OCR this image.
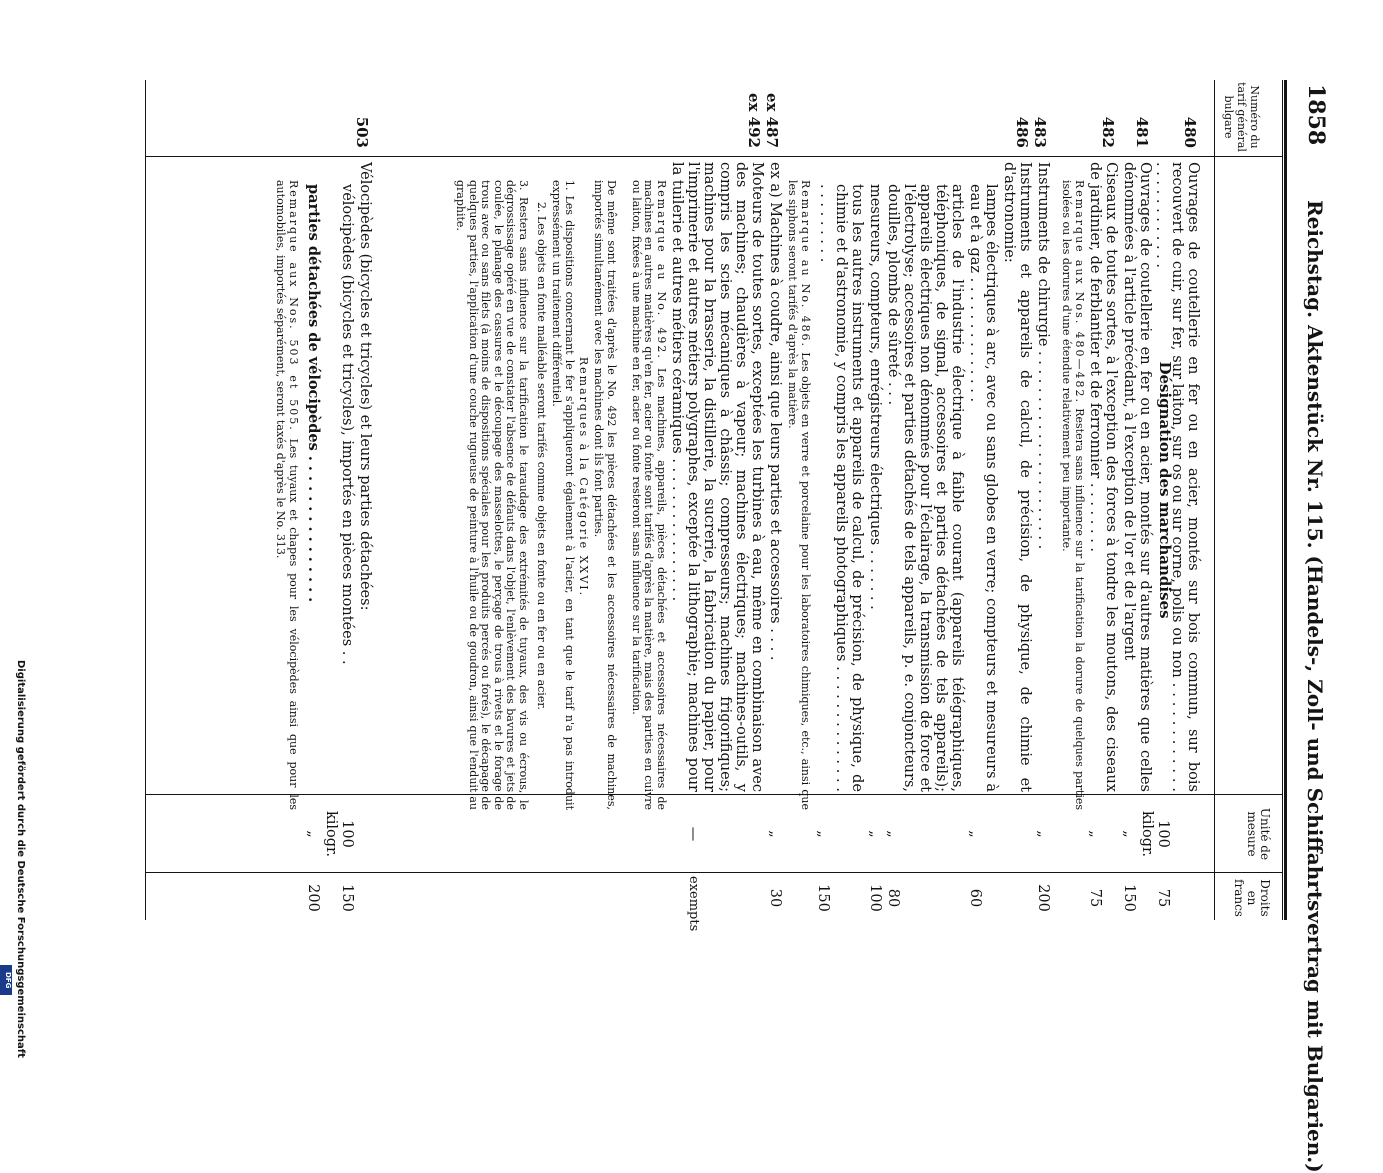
1858
Reichstag. Aktenstück Nr. 115. (Handels-, Zoll- und Schiffahrtsvertrag mit Bulgarien.)
Numéro du tarif général bulgare
Désignation des marchandises
Unité de mesure
Droits en francs
480
Ouvrages de coutellerie en fer ou en acier, montés sur bois commun, sur bois recouvert de cuir, sur fer, sur laiton, sur os ou sur corne, polis ou non . . . . . . . . . . . . . . . . . . . . . . . .
100 kilogr.
75
481
Ouvrages de coutellerie en fer ou en acier, montés sur d'autres matières que celles dénommées à l'article précédant, à l'exception de l'or et de l'argent
„
150
482
Ciseaux de toutes sortes, à l'exception des forces à tondre les moutons, des ciseaux de jardinier, de ferblantier et de ferronnier . . . . . . . .
„
75
Remarque aux Nos. 480—482. Restera sans influence sur la tarification la dorure de quelques parties isolées ou les dorures d'une étendue relativement peu importante.
483
Instruments de chirurgie . . . . . . . . . . . . . . . . . . . . . .
„
200
486
Instruments et appareils de calcul, de précision, de physique, de chimie et d'astronomie:
lampes électriques à arc, avec ou sans globes en verre; compteurs et mesureurs à eau et à gaz . . . . . . . . . . . . . .
„
60
articles de l'industrie électrique à faible courant (appareils télégraphiques, téléphoniques, de signal, accessoires et parties détachées de tels appareils); appareils électriques non dénommés pour l'éclairage, la transmission de force et l'électrolyse; accessoires et parties détachés de tels appareils, p. e. conjoncteurs, douilles, plombs de sûreté . . .
„
80
mesureurs, compteurs, enrégistreurs électriques . . . . . . .
„
100
tous les autres instruments et appareils de calcul, de précision, de physique, de chimie et d'astronomie, y compris les appareils photographiques . . . . . . . . . . . . . . . . . . . . . . .
„
150
Remarque au No. 486. Les objets en verre et porcelaine pour les laboratoires chimiques, etc., ainsi que les siphons seront tarifés d'après la matière.
ex 487
ex a) Machines à coudre, ainsi que leurs parties et accessoires . . . .
„
30
ex 492
Moteurs de toutes sortes, exceptées les turbines à eau, même en combinaison avec des machines; chaudières à vapeur; machines électriques; machines-outils, y compris les scies mécaniques à châssis; compresseurs; machines frigorifiques; machines pour la brasserie, la distillerie, la sucrerie, la fabrication du papier, pour l'imprimerie et autres métiers polygraphes, exceptée la lithographie; machines pour la tuilerie et autres métiers céramiques . . . . . . . . . . . . . . . .
—
exempts
Remarque au No. 492. Les machines, appareils, pièces détachées et accessoires nécessaires de machines en autres matières qu'en fer, acier ou fonte sont tarifés d'après la matière, mais des parties en cuivre ou laiton, fixées à une machine en fer, acier ou fonte resteront sans influence sur la tarification.
De même sont traitées d'après le No. 492 les pièces détachées et les accessoires nécessaires de machines, importés simultanément avec les machines dont ils font parties.
Remarques à la Catégorie XXVI.
1. Les dispositions concernant le fer s'appliqueront également à l'acier, en tant que le tarif n'a pas introduit expressément un traitement différentiel.
2. Les objets en fonte malléable seront tarifés comme objets en fonte ou en fer ou en acier.
3. Restera sans influence sur la tarification le taraudage des extrémités de tuyaux, des vis ou écrous, le dégrossissage opéré en vue de constater l'absence de défauts dans l'objet, l'enlèvement des bavures et jets de coulée, le planage des cassures et le découpage des masselottes, le perçage de trous à rivets et le forage de trous avec ou sans filets (à moins de dispositions spéciales pour les produits percés ou forés), le décapage de quelques parties, l'application d'une couche rugueuse de peinture à l'huile ou de goudron, ainsi que l'enduit au graphite.
503
Vélocipèdes (bicycles et tricycles) et leurs parties détachées:
vélocipèdes (bicycles et tricycles), importés en pièces montées . .
100 kilogr.
150
parties détachées de vélocipèdes . . . . . . . . . . . . . . .
„
200
Remarque aux Nos. 503 et 505. Les tuyaux et chapes pour les vélocipèdes ainsi que pour les automobiles, importés séparément, seront taxés d'après le No. 313.
Digitalisierung gefördert durch die Deutsche Forschungsgemeinschaft
DFG
